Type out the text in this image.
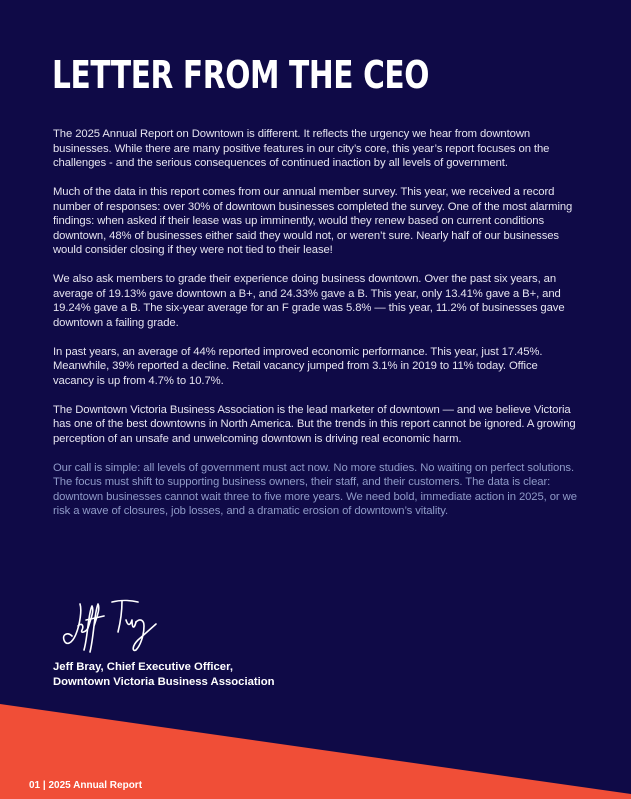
LETTER FROM THE CEO

The 2025 Annual Report on Downtown is different. It reflects the urgency we hear from downtown businesses. While there are many positive features in our city’s core, this year’s report focuses on the challenges - and the serious consequences of continued inaction by all levels of government.

Much of the data in this report comes from our annual member survey. This year, we received a record number of responses: over 30% of downtown businesses completed the survey. One of the most alarming findings: when asked if their lease was up imminently, would they renew based on current conditions downtown, 48% of businesses either said they would not, or weren’t sure. Nearly half of our businesses would consider closing if they were not tied to their lease!

We also ask members to grade their experience doing business downtown. Over the past six years, an average of 19.13% gave downtown a B+, and 24.33% gave a B. This year, only 13.41% gave a B+, and 19.24% gave a B. The six-year average for an F grade was 5.8% — this year, 11.2% of businesses gave downtown a failing grade.

In past years, an average of 44% reported improved economic performance. This year, just 17.45%. Meanwhile, 39% reported a decline. Retail vacancy jumped from 3.1% in 2019 to 11% today. Office vacancy is up from 4.7% to 10.7%.

The Downtown Victoria Business Association is the lead marketer of downtown — and we believe Victoria has one of the best downtowns in North America. But the trends in this report cannot be ignored. A growing perception of an unsafe and unwelcoming downtown is driving real economic harm.

Our call is simple: all levels of government must act now. No more studies. No waiting on perfect solutions. The focus must shift to supporting business owners, their staff, and their customers. The data is clear: downtown businesses cannot wait three to five more years. We need bold, immediate action in 2025, or we risk a wave of closures, job losses, and a dramatic erosion of downtown’s vitality.

Jeff Bray, Chief Executive Officer,
Downtown Victoria Business Association

01 | 2025 Annual Report
